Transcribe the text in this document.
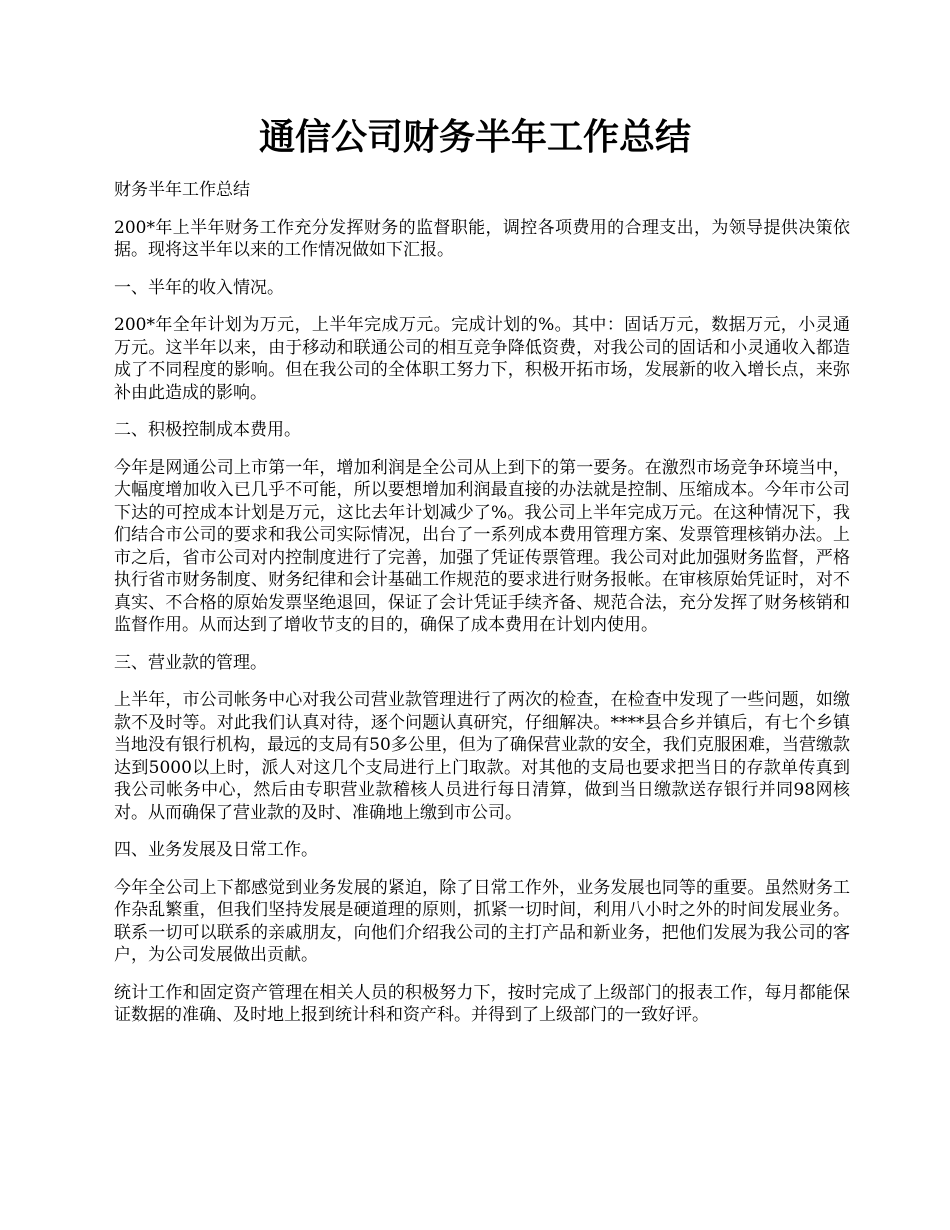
通信公司财务半年工作总结

财务半年工作总结

200*年上半年财务工作充分发挥财务的监督职能，调控各项费用的合理支出，为领导提供决策依据。现将这半年以来的工作情况做如下汇报。

一、半年的收入情况。

200*年全年计划为万元，上半年完成万元。完成计划的%。其中：固话万元，数据万元，小灵通万元。这半年以来，由于移动和联通公司的相互竞争降低资费，对我公司的固话和小灵通收入都造成了不同程度的影响。但在我公司的全体职工努力下，积极开拓市场，发展新的收入增长点，来弥补由此造成的影响。

二、积极控制成本费用。

今年是网通公司上市第一年，增加利润是全公司从上到下的第一要务。在激烈市场竞争环境当中，大幅度增加收入已几乎不可能，所以要想增加利润最直接的办法就是控制、压缩成本。今年市公司下达的可控成本计划是万元，这比去年计划减少了%。我公司上半年完成万元。在这种情况下，我们结合市公司的要求和我公司实际情况，出台了一系列成本费用管理方案、发票管理核销办法。上市之后，省市公司对内控制度进行了完善，加强了凭证传票管理。我公司对此加强财务监督，严格执行省市财务制度、财务纪律和会计基础工作规范的要求进行财务报帐。在审核原始凭证时，对不真实、不合格的原始发票坚绝退回，保证了会计凭证手续齐备、规范合法，充分发挥了财务核销和监督作用。从而达到了增收节支的目的，确保了成本费用在计划内使用。

三、营业款的管理。

上半年，市公司帐务中心对我公司营业款管理进行了两次的检查，在检查中发现了一些问题，如缴款不及时等。对此我们认真对待，逐个问题认真研究，仔细解决。****县合乡并镇后，有七个乡镇当地没有银行机构，最远的支局有50多公里，但为了确保营业款的安全，我们克服困难，当营缴款达到5000以上时，派人对这几个支局进行上门取款。对其他的支局也要求把当日的存款单传真到我公司帐务中心，然后由专职营业款稽核人员进行每日清算，做到当日缴款送存银行并同98网核对。从而确保了营业款的及时、准确地上缴到市公司。

四、业务发展及日常工作。

今年全公司上下都感觉到业务发展的紧迫，除了日常工作外，业务发展也同等的重要。虽然财务工作杂乱繁重，但我们坚持发展是硬道理的原则，抓紧一切时间，利用八小时之外的时间发展业务。联系一切可以联系的亲戚朋友，向他们介绍我公司的主打产品和新业务，把他们发展为我公司的客户，为公司发展做出贡献。

统计工作和固定资产管理在相关人员的积极努力下，按时完成了上级部门的报表工作，每月都能保证数据的准确、及时地上报到统计科和资产科。并得到了上级部门的一致好评。
